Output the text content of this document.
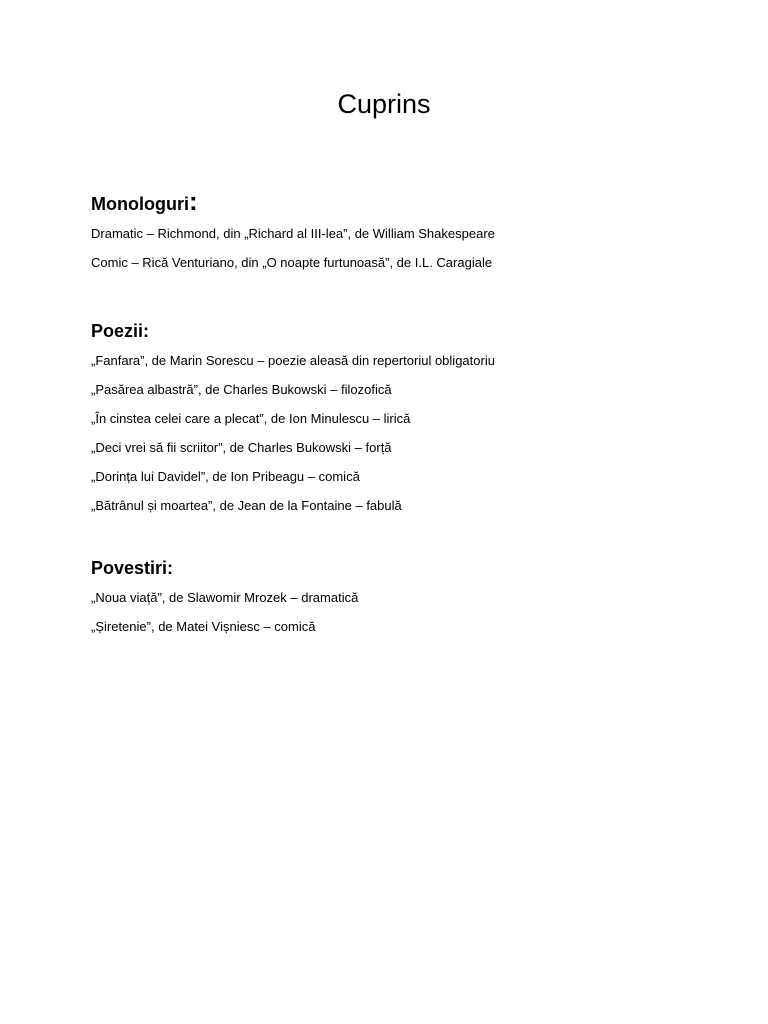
Cuprins
Monologuri:
Dramatic – Richmond, din „Richard al III-lea”, de William Shakespeare
Comic – Rică Venturiano, din „O noapte furtunoasă”, de I.L. Caragiale
Poezii:
„Fanfara”, de Marin Sorescu – poezie aleasă din repertoriul obligatoriu
„Pasărea albastră”, de Charles Bukowski – filozofică
„În cinstea celei care a plecat”, de Ion Minulescu – lirică
„Deci vrei să fii scriitor”, de Charles Bukowski – forță
„Dorința lui Davidel”, de Ion Pribeagu – comică
„Bătrânul și moartea”, de Jean de la Fontaine – fabulă
Povestiri:
„Noua viață”, de Slawomir Mrozek – dramatică
„Șiretenie”, de Matei Vișniesc – comică
